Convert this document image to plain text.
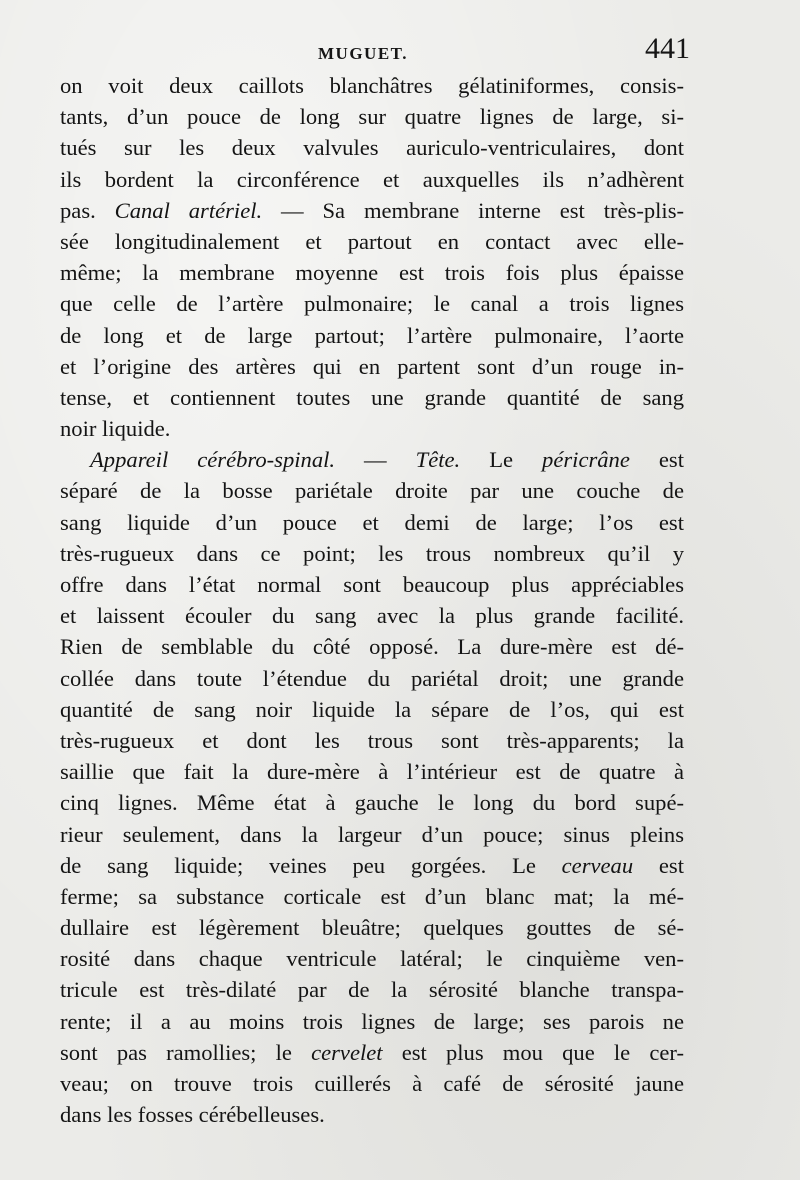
MUGUET.	441
on voit deux caillots blanchâtres gélatiniformes, consis-
tants, d’un pouce de long sur quatre lignes de large, si-
tués sur les deux valvules auriculo-ventriculaires, dont
ils bordent la circonférence et auxquelles ils n’adhèrent
pas. Canal artériel. — Sa membrane interne est très-plis-
sée longitudinalement et partout en contact avec elle-
même; la membrane moyenne est trois fois plus épaisse
que celle de l’artère pulmonaire; le canal a trois lignes
de long et de large partout; l’artère pulmonaire, l’aorte
et l’origine des artères qui en partent sont d’un rouge in-
tense, et contiennent toutes une grande quantité de sang
noir liquide.
Appareil cérébro-spinal. — Tête. Le péricrâne est
séparé de la bosse pariétale droite par une couche de
sang liquide d’un pouce et demi de large; l’os est
très-rugueux dans ce point; les trous nombreux qu’il y
offre dans l’état normal sont beaucoup plus appréciables
et laissent écouler du sang avec la plus grande facilité.
Rien de semblable du côté opposé. La dure-mère est dé-
collée dans toute l’étendue du pariétal droit; une grande
quantité de sang noir liquide la sépare de l’os, qui est
très-rugueux et dont les trous sont très-apparents; la
saillie que fait la dure-mère à l’intérieur est de quatre à
cinq lignes. Même état à gauche le long du bord supé-
rieur seulement, dans la largeur d’un pouce; sinus pleins
de sang liquide; veines peu gorgées. Le cerveau est
ferme; sa substance corticale est d’un blanc mat; la mé-
dullaire est légèrement bleuâtre; quelques gouttes de sé-
rosité dans chaque ventricule latéral; le cinquième ven-
tricule est très-dilaté par de la sérosité blanche transpa-
rente; il a au moins trois lignes de large; ses parois ne
sont pas ramollies; le cervelet est plus mou que le cer-
veau; on trouve trois cuillerés à café de sérosité jaune
dans les fosses cérébelleuses.
